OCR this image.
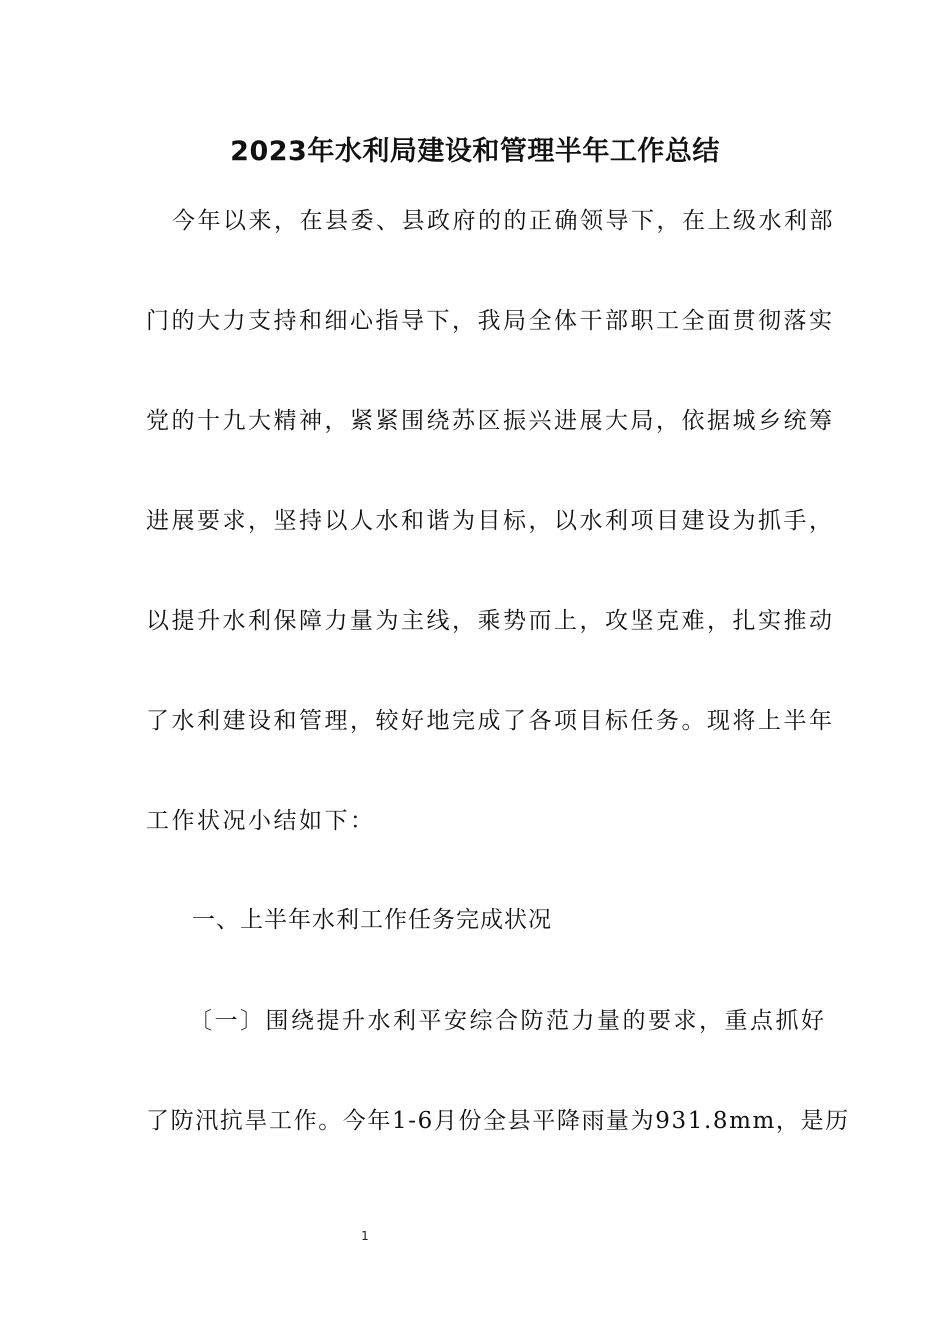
2023年水利局建设和管理半年工作总结
今年以来，在县委、县政府的的正确领导下，在上级水利部
门的大力支持和细心指导下，我局全体干部职工全面贯彻落实
党的十九大精神，紧紧围绕苏区振兴进展大局，依据城乡统筹
进展要求，坚持以人水和谐为目标，以水利项目建设为抓手，
以提升水利保障力量为主线，乘势而上，攻坚克难，扎实推动
了水利建设和管理，较好地完成了各项目标任务。现将上半年
工作状况小结如下：
一、上半年水利工作任务完成状况
〔一〕围绕提升水利平安综合防范力量的要求，重点抓好
了防汛抗旱工作。今年1-6月份全县平降雨量为931.8mm，是历
1
